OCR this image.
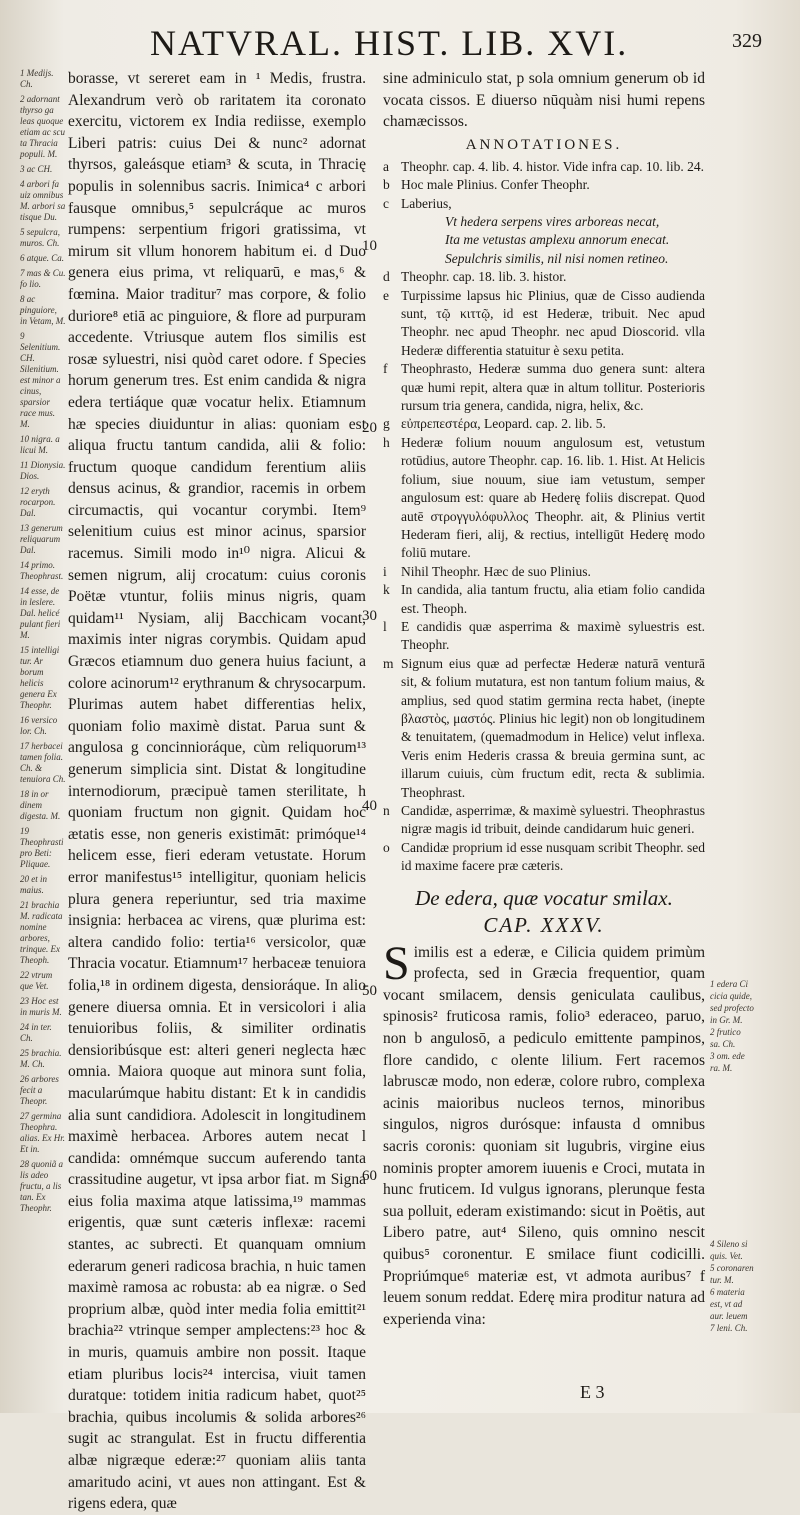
NATVRAL. HIST. LIB. XVI.	329

1 Medijs. Ch.

2 adornant thyrso ga leas quoque etiam ac scu ta Thracia populi. M.

3 ac CH.

4 arbori fa uiz omnibus M. arbori sa tisque Du.

5 sepulcra, muros. Ch.

6 atque. Ca.

7 mas & Cu. fo lio.

8 ac pinguiore, in Vetam, M.

9 Selenitium. CH. Silenitium. est minor a cinus, sparsior race mus. M.

10 nigra. a licui M.

11 Dionysia. Dios.

12 eryth rocarpon. Dal.

13 generum reliquarum Dal.

14 primo. Theophrast.

14 esse, de in leslere. Dal. helicé pulant fieri M.

15 intelligi tur. Ar borum helicis genera Ex Theophr.

16 versico lor. Ch.

17 herbacei tamen folia. Ch. & tenuiora Ch.

18 in or dinem digesta. M.

19 Theophrasti pro Beti: Pliquae.

20 et in maius.

21 brachia M. radicata nomine arbores, trinque. Ex Theoph.

22 vtrum que Vet.

23 Hoc est in muris M.

24 in ter. Ch.

25 brachia. M. Ch.

26 arbores fecit a Theopr.

27 germina Theophra. alias. Ex Hr. Et in.

28 quoniã a lis adeo fructu, a lis tan. Ex Theophr.

borasse, vt sereret eam in ¹ Medis, frustra. Alexandrum verò ob raritatem ita coronato exercitu, victorem ex India rediisse, exemplo Liberi patris: cuius Dei & nunc² adornat thyrsos, galeásque etiam³ & scuta, in Thracię populis in solennibus sacris. Inimica⁴ c arbori fausque omnibus,⁵ sepulcráque ac muros rumpens: serpentium frigori gratissima, vt mirum sit vllum honorem habitum ei. d Duo genera eius prima, vt reliquarū, e mas,⁶ & fœmina. Maior traditur⁷ mas corpore, & folio duriore⁸ etiā ac pinguiore, & flore ad purpuram accedente. Vtriusque autem flos similis est rosæ syluestri, nisi quòd caret odore. f Species horum generum tres. Est enim candida & nigra edera tertiáque quæ vocatur helix. Etiamnum hæ species diuiduntur in alias: quoniam est aliqua fructu tantum candida, alii & folio: fructum quoque candidum ferentium aliis densus acinus, & grandior, racemis in orbem circumactis, qui vocantur corymbi. Item⁹ selenitium cuius est minor acinus, sparsior racemus. Simili modo in¹⁰ nigra. Alicui & semen nigrum, alij crocatum: cuius coronis Poëtæ vtuntur, foliis minus nigris, quam quidam¹¹ Nysiam, alij Bacchicam vocant, maximis inter nigras corymbis. Quidam apud Græcos etiamnum duo genera huius faciunt, a colore acinorum¹² erythranum & chrysocarpum. Plurimas autem habet differentias helix, quoniam folio maximè distat. Parua sunt & angulosa g concinnioráque, cùm reliquorum¹³ generum simplicia sint. Distat & longitudine internodiorum, præcipuè tamen sterilitate, h quoniam fructum non gignit. Quidam hoc ætatis esse, non generis existimāt: primóque¹⁴ helicem esse, fieri ederam vetustate. Horum error manifestus¹⁵ intelligitur, quoniam helicis plura genera reperiuntur, sed tria maxime insignia: herbacea ac virens, quæ plurima est: altera candido folio: tertia¹⁶ versicolor, quæ Thracia vocatur. Etiamnum¹⁷ herbaceæ tenuiora folia,¹⁸ in ordinem digesta, densioráque. In alio genere diuersa omnia. Et in versicolori i alia tenuioribus foliis, & similiter ordinatis densioribúsque est: alteri generi neglecta hæc omnia. Maiora quoque aut minora sunt folia, macularúmque habitu distant: Et k in candidis alia sunt candidiora. Adolescit in longitudinem maximè herbacea. Arbores autem necat l candida: omnémque succum auferendo tanta crassitudine augetur, vt ipsa arbor fiat. m Signa eius folia maxima atque latissima,¹⁹ mammas erigentis, quæ sunt cæteris inflexæ: racemi stantes, ac subrecti. Et quanquam omnium ederarum generi radicosa brachia, n huic tamen maximè ramosa ac robusta: ab ea nigræ. o Sed proprium albæ, quòd inter media folia emittit²¹ brachia²² vtrinque semper amplectens:²³ hoc & in muris, quamuis ambire non possit. Itaque etiam pluribus locis²⁴ intercisa, viuit tamen duratque: totidem initia radicum habet, quot²⁵ brachia, quibus incolumis & solida arbores²⁶ sugit ac strangulat. Est in fructu differentia albæ nigræque ederæ:²⁷ quoniam aliis tanta amaritudo acini, vt aues non attingant. Est & rigens edera, quæ

10
20
30
40
50
60

sine adminiculo stat, p sola omnium generum ob id vocata cissos. E diuerso nūquàm nisi humi repens chamæcissos.

ANNOTATIONES.
a Theophr. cap. 4. lib. 4. histor. Vide infra cap. 10. lib. 24.
b Hoc male Plinius. Confer Theophr.
c Laberius,
Vt hedera serpens vires arboreas necat,
Ita me vetustas amplexu annorum enecat.
Sepulchris similis, nil nisi nomen retineo.
d Theophr. cap. 18. lib. 3. histor.
e Turpissime lapsus hic Plinius, quæ de Cisso audienda sunt, τῷ κιττῷ, id est Hederæ, tribuit. Nec apud Theophr. nec apud Theophr. nec apud Dioscorid. vlla Hederæ differentia statuitur è sexu petita.
f	Theophrasto, Hederæ summa duo genera sunt: altera quæ humi repit, altera quæ in altum tollitur. Posterioris rursum tria genera, candida, nigra, helix, &c.
g εὐπρεπεστέρα, Leopard. cap. 2. lib. 5.
h Hederæ folium nouum angulosum est, vetustum rotūdius, autore Theophr. cap. 16. lib. 1. Hist. At Helicis folium, siue nouum, siue iam vetustum, semper angulosum est: quare ab Hederę foliis discrepat. Quod autē στρογγυλόφυλλος Theophr. ait, & Plinius vertit Hederam fieri, alij, & rectius, intelligūt Hederę modo foliū mutare.
i	Nihil Theophr. Hæc de suo Plinius.
k In candida, alia tantum fructu, alia etiam folio candida est. Theoph.
l	E candidis quæ asperrima & maximè syluestris est. Theophr.
m Signum eius quæ ad perfectæ Hederæ naturā venturā sit, & folium mutatura, est non tantum folium maius, & amplius, sed quod statim germina recta habet, (inepte βλαστὸς, μαστός. Plinius hic legit) non ob longitudinem & tenuitatem, (quemadmodum in Helice) velut inflexa. Veris enim Hederis crassa & breuia germina sunt, ac illarum cuiuis, cùm fructum edit, recta & sublimia. Theophrast.
n Candidæ, asperrimæ, & maximè syluestri. Theophrastus nigræ magis id tribuit, deinde candidarum huic generi.
o Candidæ proprium id esse nusquam scribit Theophr. sed id maxime facere præ cæteris.
De edera, quæ vocatur smilax.
CAP. XXXV.

Similis est a ederæ, e Cilicia quidem primùm profecta, sed in Græcia frequentior, quam vocant smilacem, densis geniculata caulibus, spinosis² fruticosa ramis, folio³ ederaceo, paruo, non b angulosō, a pediculo emittente pampinos, flore candido, c olente lilium. Fert racemos labruscæ modo, non ederæ, colore rubro, complexa acinis maioribus nucleos ternos, minoribus singulos, nigros durósque: infausta d omnibus sacris coronis: quoniam sit lugubris, virgine eius nominis propter amorem iuuenis e Croci, mutata in hunc fruticem. Id vulgus ignorans, plerunque festa sua polluit, ederam existimando: sicut in Poëtis, aut Libero patre, aut⁴ Sileno, quis omnino nescit quibus⁵ coronentur. E smilace fiunt codicilli. Propriúmque⁶ materiæ est, vt admota auribus⁷ f leuem sonum reddat. Ederę mira proditur natura ad experienda vina:

1 edera Ci

cicia quide,

sed profecto

in Gr. M.

2 frutico

sa. Ch.

3 om. ede

ra. M.

4 Sileno si

quis. Vet.

5 coronaren

tur. M.

6 materia

est, vt ad

aur. leuem

7 leni. Ch.

E 3
